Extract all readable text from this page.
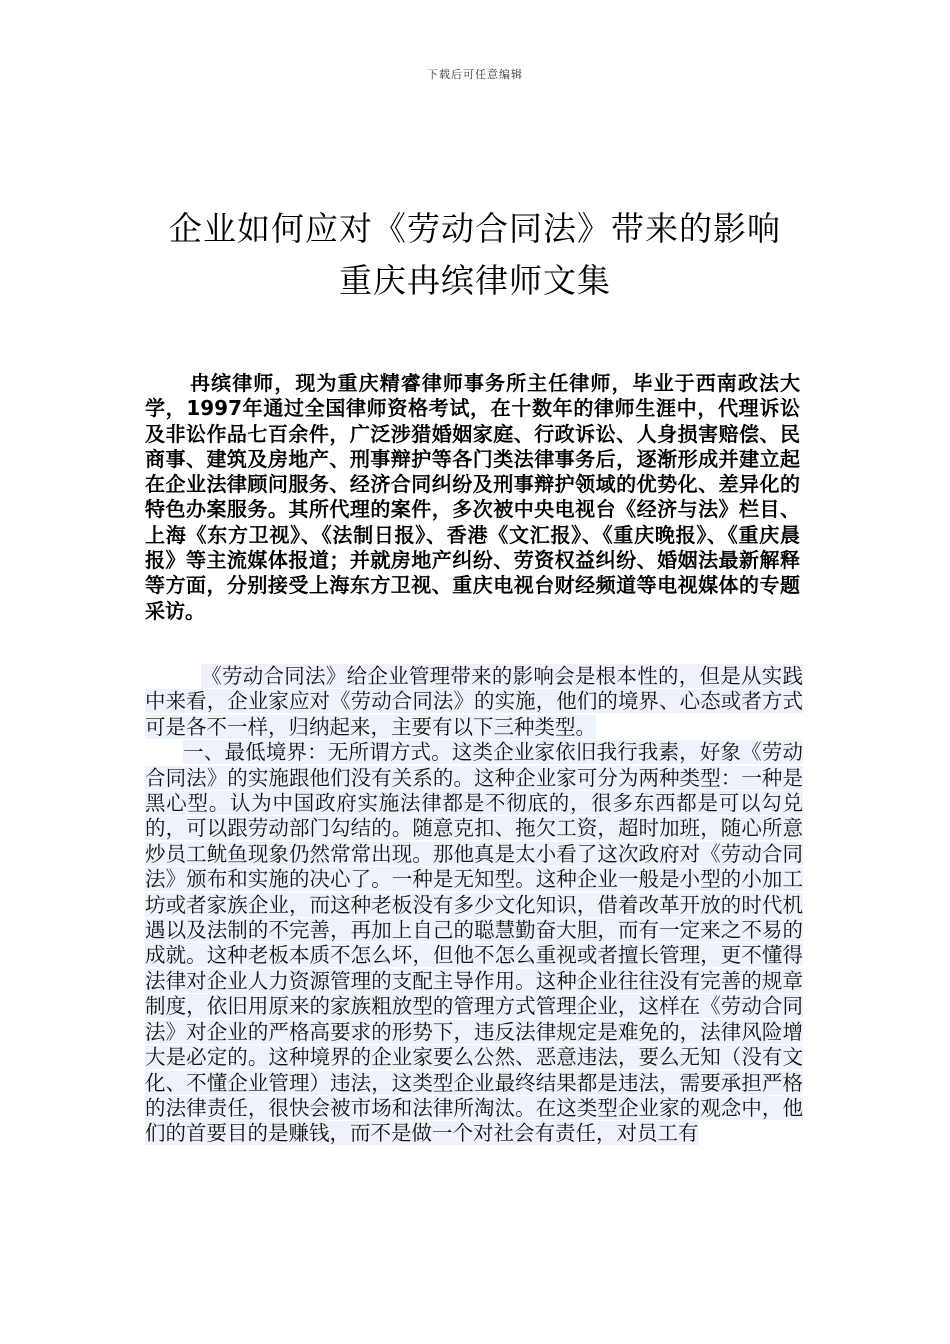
下载后可任意编辑
企业如何应对《劳动合同法》带来的影响
重庆冉缤律师文集

冉缤律师，现为重庆精睿律师事务所主任律师，毕业于西南政法大学，1997年通过全国律师资格考试，在十数年的律师生涯中，代理诉讼及非讼作品七百余件，广泛涉猎婚姻家庭、行政诉讼、人身损害赔偿、民商事、建筑及房地产、刑事辩护等各门类法律事务后，逐渐形成并建立起在企业法律顾问服务、经济合同纠纷及刑事辩护领域的优势化、差异化的特色办案服务。其所代理的案件，多次被中央电视台《经济与法》栏目、上海《东方卫视》、《法制日报》、香港《文汇报》、《重庆晚报》、《重庆晨报》等主流媒体报道；并就房地产纠纷、劳资权益纠纷、婚姻法最新解释等方面，分别接受上海东方卫视、重庆电视台财经频道等电视媒体的专题采访。

《劳动合同法》给企业管理带来的影响会是根本性的，但是从实践中来看，企业家应对《劳动合同法》的实施，他们的境界、心态或者方式可是各不一样，归纳起来，主要有以下三种类型。

一、最低境界：无所谓方式。这类企业家依旧我行我素，好象《劳动合同法》的实施跟他们没有关系的。这种企业家可分为两种类型：一种是黑心型。认为中国政府实施法律都是不彻底的，很多东西都是可以勾兑的，可以跟劳动部门勾结的。随意克扣、拖欠工资，超时加班，随心所意炒员工鱿鱼现象仍然常常出现。那他真是太小看了这次政府对《劳动合同法》颁布和实施的决心了。一种是无知型。这种企业一般是小型的小加工坊或者家族企业，而这种老板没有多少文化知识，借着改革开放的时代机遇以及法制的不完善，再加上自己的聪慧勤奋大胆，而有一定来之不易的成就。这种老板本质不怎么坏，但他不怎么重视或者擅长管理，更不懂得法律对企业人力资源管理的支配主导作用。这种企业往往没有完善的规章制度，依旧用原来的家族粗放型的管理方式管理企业，这样在《劳动合同法》对企业的严格高要求的形势下，违反法律规定是难免的，法律风险增大是必定的。这种境界的企业家要么公然、恶意违法，要么无知（没有文化、不懂企业管理）违法，这类型企业最终结果都是违法，需要承担严格的法律责任，很快会被市场和法律所淘汰。在这类型企业家的观念中，他们的首要目的是赚钱，而不是做一个对社会有责任，对员工有
